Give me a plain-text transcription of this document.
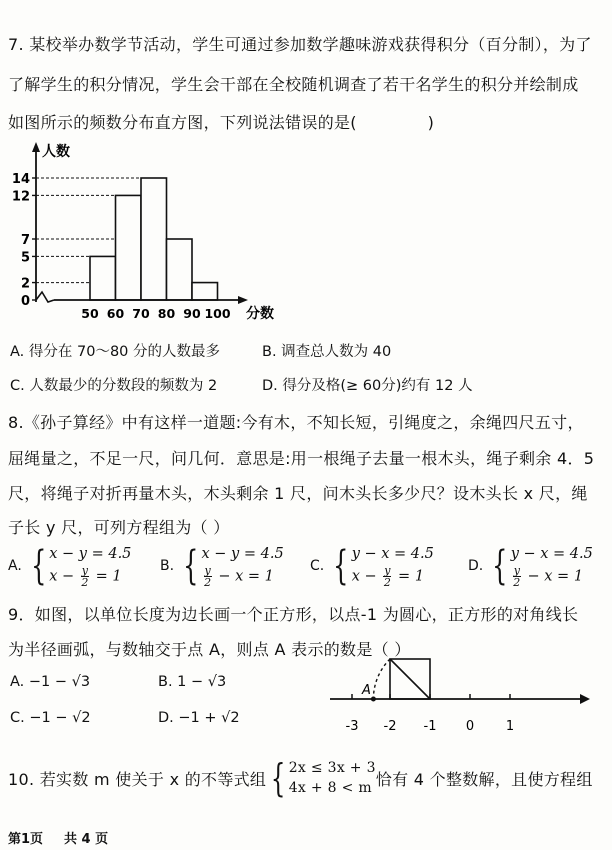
7. 某校举办数学节活动，学生可通过参加数学趣味游戏获得积分（百分制），为了
了解学生的积分情况，学生会干部在全校随机调查了若干名学生的积分并绘制成
如图所示的频数分布直方图，下列说法错误的是(	)
0
2
5
7
12
14
50 60 70 80 90 100
人数
分数
A. 得分在 70～80 分的人数最多	B. 调查总人数为 40
C. 人数最少的分数段的频数为 2	D. 得分及格(≥ 60分)约有 12 人
8.《孙子算经》中有这样一道题:今有木，不知长短，引绳度之，余绳四尺五寸，
屈绳量之，不足一尺，问几何．意思是:用一根绳子去量一根木头，绳子剩余 4．5
尺，将绳子对折再量木头，木头剩余 1 尺，问木头长多少尺？设木头长 x 尺，绳
子长 y 尺，可列方程组为（ ）
A. { x − y = 4.5
$x - \frac{y}{2} = 1$
B. { x − y = 4.5
$\frac{y}{2} - x = 1$
C. { y − x = 4.5
$x - \frac{y}{2} = 1$
D. { y − x = 4.5
$\frac{y}{2} - x = 1$
9．如图，以单位长度为边长画一个正方形，以点-1 为圆心，正方形的对角线长
为半径画弧，与数轴交于点 A，则点 A 表示的数是（ ）
A. −1 − √3	B. 1 − √3
C. −1 − √2	D. −1 + √2
A
-3 -2 -1 0 1
10. 若实数 m 使关于 x 的不等式组 { 2x ≤ 3x + 3
4x + 8 < m 恰有 4 个整数解，且使方程组
第1页 共 4 页
